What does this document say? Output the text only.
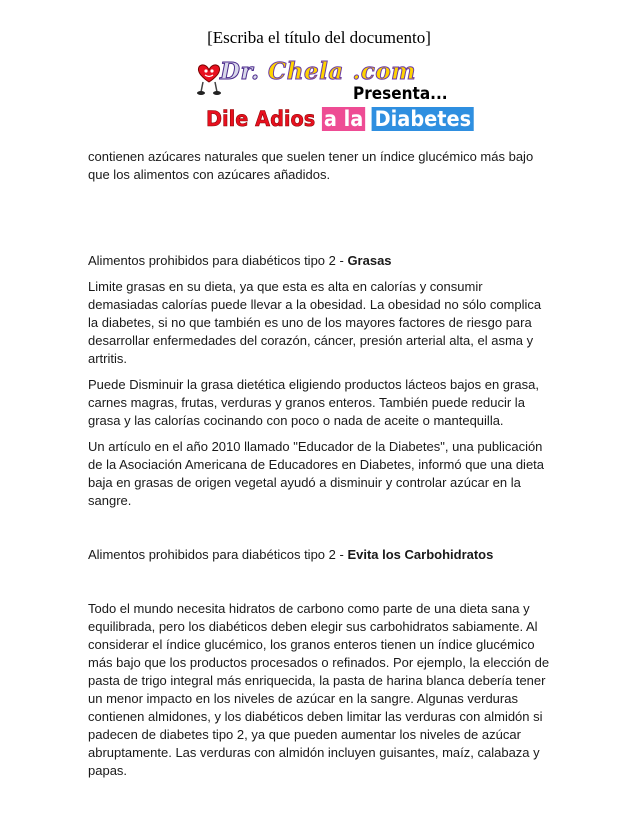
[Escriba el título del documento]
Dr. Chela .com
Presenta...
Dile Adios a la Diabetes

contienen azúcares naturales que suelen tener un índice glucémico más bajo que los alimentos con azúcares añadidos.

Alimentos prohibidos para diabéticos tipo 2 - Grasas

Limite grasas en su dieta, ya que esta es alta en calorías y consumir demasiadas calorías puede llevar a la obesidad. La obesidad no sólo complica la diabetes, si no que también es uno de los mayores factores de riesgo para desarrollar enfermedades del corazón, cáncer, presión arterial alta, el asma y artritis.

Puede Disminuir la grasa dietética eligiendo productos lácteos bajos en grasa, carnes magras, frutas, verduras y granos enteros. También puede reducir la grasa y las calorías cocinando con poco o nada de aceite o mantequilla.

Un artículo en el año 2010 llamado "Educador de la Diabetes", una publicación de la Asociación Americana de Educadores en Diabetes, informó que una dieta baja en grasas de origen vegetal ayudó a disminuir y controlar azúcar en la sangre.

Alimentos prohibidos para diabéticos tipo 2 - Evita los Carbohidratos

Todo el mundo necesita hidratos de carbono como parte de una dieta sana y equilibrada, pero los diabéticos deben elegir sus carbohidratos sabiamente. Al considerar el índice glucémico, los granos enteros tienen un índice glucémico más bajo que los productos procesados o refinados. Por ejemplo, la elección de pasta de trigo integral más enriquecida, la pasta de harina blanca debería tener un menor impacto en los niveles de azúcar en la sangre. Algunas verduras contienen almidones, y los diabéticos deben limitar las verduras con almidón si padecen de diabetes tipo 2, ya que pueden aumentar los niveles de azúcar abruptamente. Las verduras con almidón incluyen guisantes, maíz, calabaza y papas.
